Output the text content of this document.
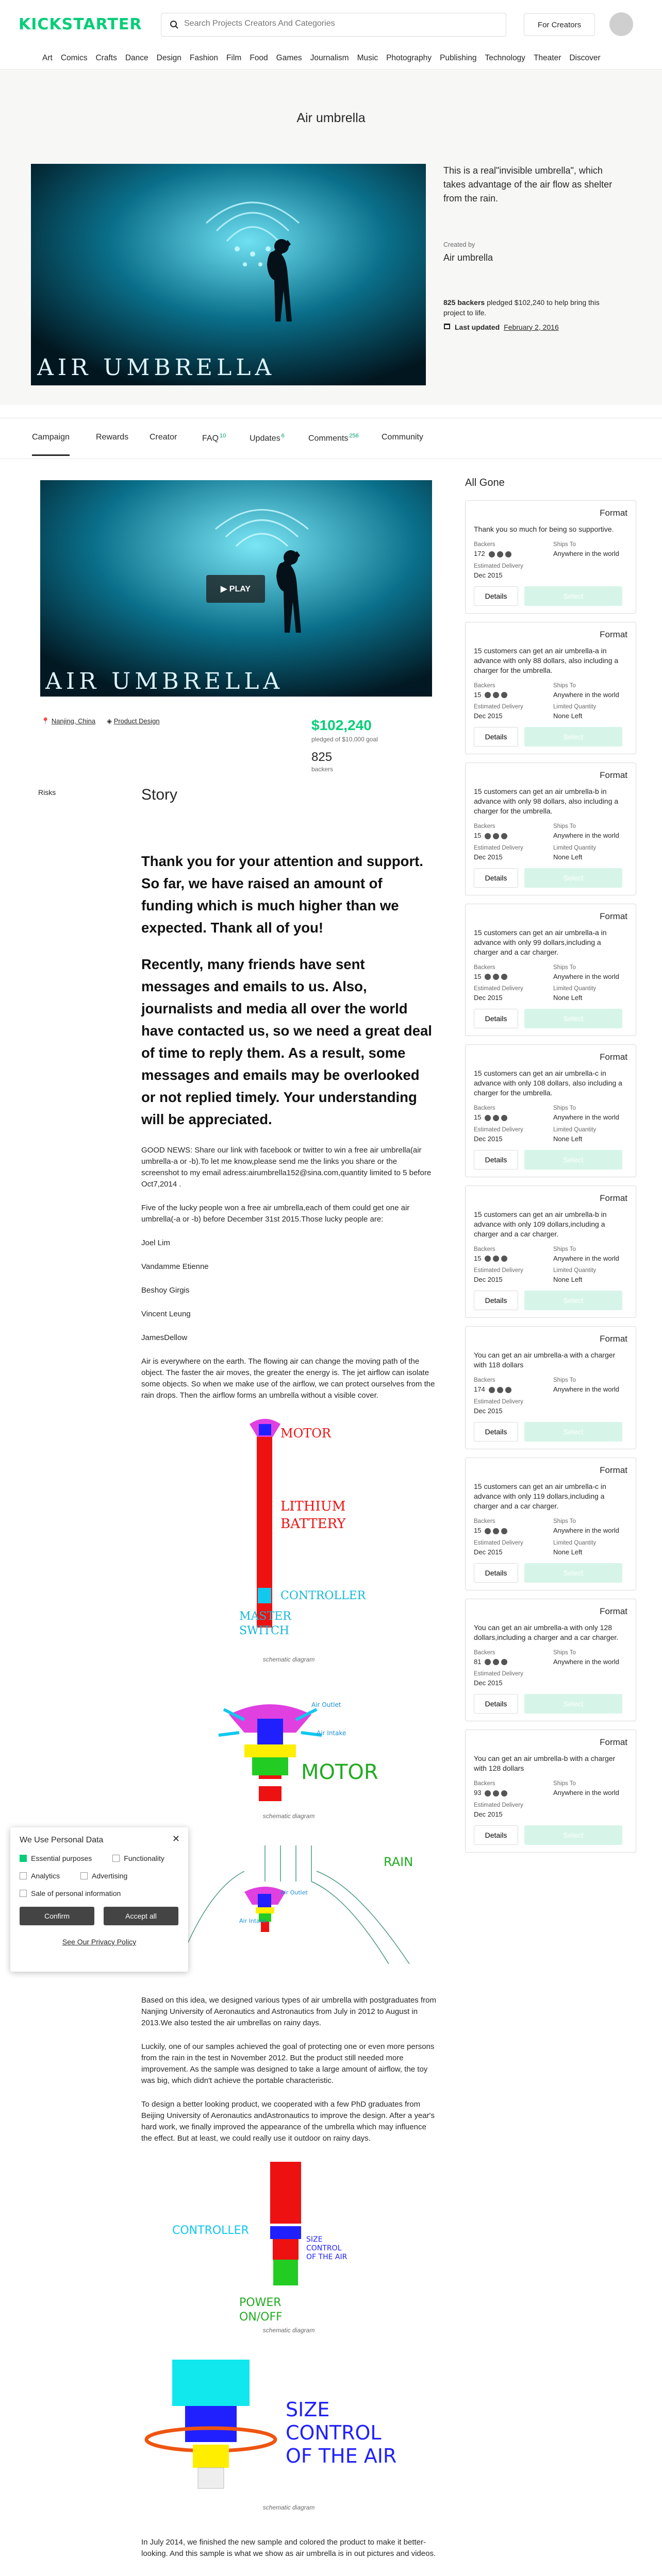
KICKSTARTER
Search Projects Creators And Categories	For Creators
Art Comics Crafts Dance Design Fashion Film Food Games Journalism Music Photography Publishing Technology Theater Discover
Air umbrella
AIR UMBRELLA
This is a real"invisible umbrella", which takes advantage of the air flow as shelter from the rain.
Created by
Air umbrella
825 backers pledged $102,240 to help bring this project to life.
Last updated February 2, 2016
Campaign	Rewards	Creator	FAQ $^{10}$	Updates $^6$	Comments $^{256}$	Community
AIR UMBRELLA
▶ PLAY
📍 Nanjing, China ◈ Product Design	$102,240
pledged of $10,000 goal
825
backers
Risks	Story
Thank you for your attention and support. So far, we have raised an amount of funding which is much higher than we expected. Thank all of you!
Recently, many friends have sent messages and emails to us. Also, journalists and media all over the world have contacted us, so we need a great deal of time to reply them. As a result, some messages and emails may be overlooked or not replied timely. Your understanding will be appreciated.

GOOD NEWS: Share our link with facebook or twitter to win a free air umbrella(air umbrella-a or -b).To let me know,please send me the links you share or the screenshot to my email adress:airumbrella152@sina.com,quantity limited to 5 before Oct7,2014 .

Five of the lucky people won a free air umbrella,each of them could get one air umbrella(-a or -b) before December 31st 2015.Those lucky people are:

Joel Lim

Vandamme Etienne

Beshoy Girgis

Vincent Leung

JamesDellow

Air is everywhere on the earth. The flowing air can change the moving path of the object. The faster the air moves, the greater the energy is. The jet airflow can isolate some objects. So when we make use of the airflow, we can protect ourselves from the rain drops. Then the airflow forms an umbrella without a visible cover.

MOTOR
LITHIUM
BATTERY
CONTROLLER
MASTER
SWITCH
schematic diagram
Air Outlet
Air Intake
MOTOR
schematic diagram
RAIN
Air Outlet
Air Intake

Based on this idea, we designed various types of air umbrella with postgraduates from Nanjing University of Aeronautics and Astronautics from July in 2012 to August in 2013.We also tested the air umbrellas on rainy days.

Luckily, one of our samples achieved the goal of protecting one or even more persons from the rain in the test in November 2012. But the product still needed more improvement. As the sample was designed to take a large amount of airflow, the toy was big, which didn't achieve the portable characteristic.

To design a better looking product, we cooperated with a few PhD graduates from Beijing University of Aeronautics andAstronautics to improve the design. After a year's hard work, we finally improved the appearance of the umbrella which may influence the effect. But at least, we could really use it outdoor on rainy days.

CONTROLLER
SIZE
CONTROL
OF THE AIR
POWER
ON/OFF
schematic diagram
SIZE
CONTROL
OF THE AIR
schematic diagram

In July 2014, we finished the new sample and colored the product to make it better-looking. And this sample is what we show as air umbrella is in out pictures and videos.

All Gone
Format
Thank you so much for being so supportive.
Backers
172
Ships To
Anywhere in the world
Estimated Delivery
Dec 2015
Details	Select
Format
15 customers can get an air umbrella-a in advance with only 88 dollars, also including a charger for the umbrella.
Backers
15
Ships To
Anywhere in the world
Estimated Delivery
Dec 2015
Limited Quantity
None Left
Details	Select
Format
15 customers can get an air umbrella-b in advance with only 98 dollars, also including a charger for the umbrella.
Backers
15
Ships To
Anywhere in the world
Estimated Delivery
Dec 2015
Limited Quantity
None Left
Details	Select
Format
15 customers can get an air umbrella-a in advance with only 99 dollars,including a charger and a car charger.
Backers
15
Ships To
Anywhere in the world
Estimated Delivery
Dec 2015
Limited Quantity
None Left
Details	Select
Format
15 customers can get an air umbrella-c in advance with only 108 dollars, also including a charger for the umbrella.
Backers
15
Ships To
Anywhere in the world
Estimated Delivery
Dec 2015
Limited Quantity
None Left
Details	Select
Format
15 customers can get an air umbrella-b in advance with only 109 dollars,including a charger and a car charger.
Backers
15
Ships To
Anywhere in the world
Estimated Delivery
Dec 2015
Limited Quantity
None Left
Details	Select
Format
You can get an air umbrella-a with a charger with 118 dollars
Backers
174
Ships To
Anywhere in the world
Estimated Delivery
Dec 2015
Details	Select
Format
15 customers can get an air umbrella-c in advance with only 119 dollars,including a charger and a car charger.
Backers
15
Ships To
Anywhere in the world
Estimated Delivery
Dec 2015
Limited Quantity
None Left
Details	Select
Format
You can get an air umbrella-a with only 128 dollars,including a charger and a car charger.
Backers
81
Ships To
Anywhere in the world
Estimated Delivery
Dec 2015
Details	Select
Format
You can get an air umbrella-b with a charger with 128 dollars
Backers
93
Ships To
Anywhere in the world
Estimated Delivery
Dec 2015
Details	Select
We Use Personal Data	✕
Essential purposes	Functionality
Analytics	Advertising
Sale of personal information
Confirm	Accept all
See Our Privacy Policy
